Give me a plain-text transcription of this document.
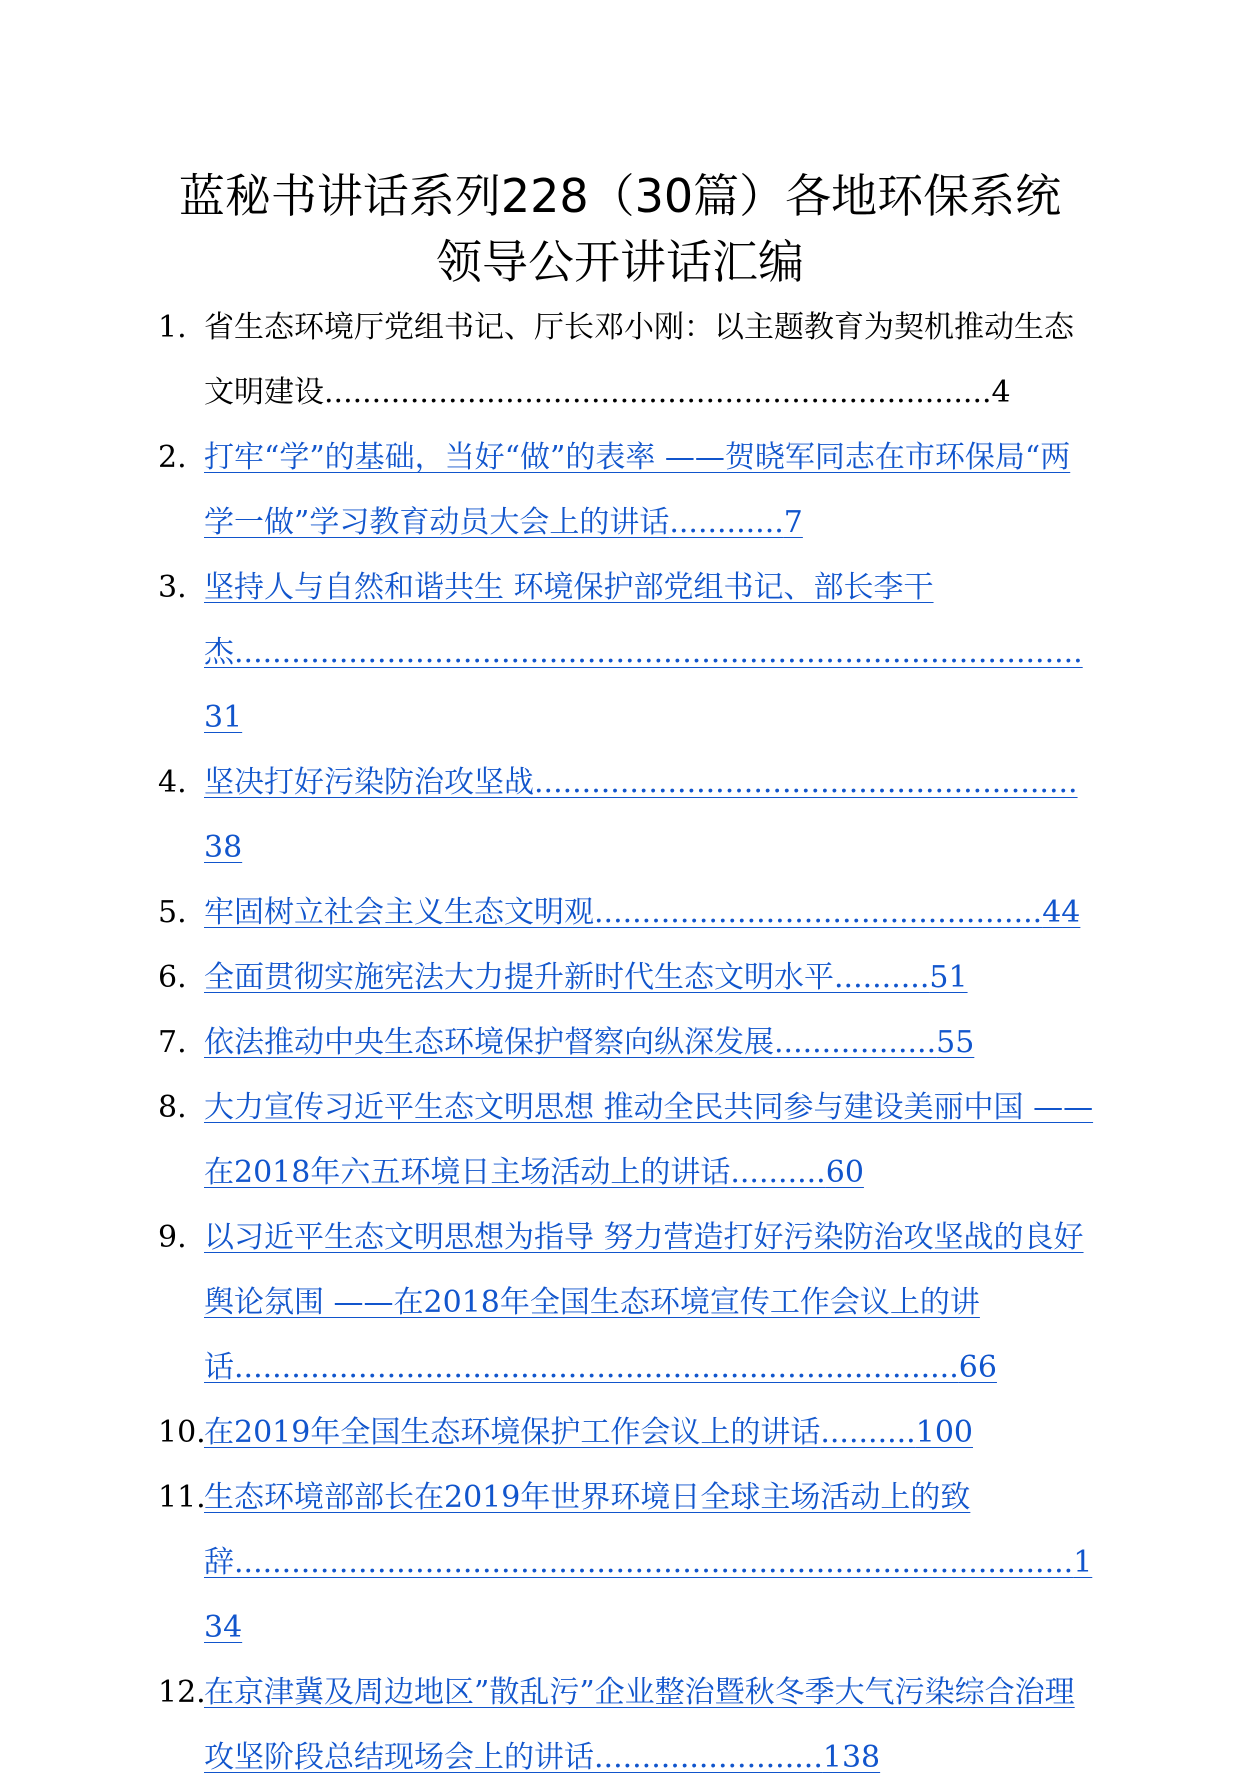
蓝秘书讲话系列228（30篇）各地环保系统
领导公开讲话汇编

1. 省生态环境厅党组书记、厅长邓小刚：以主题教育为契机推动生态文明建设......................................................................4

2. 打牢“学”的基础，当好“做”的表率 ——贺晓军同志在市环保局“两学一做”学习教育动员大会上的讲话............7

3. 坚持人与自然和谐共生 环境保护部党组书记、部长李干杰.........................................................................................31

4. 坚决打好污染防治攻坚战.........................................................38

5. 牢固树立社会主义生态文明观...............................................44

6. 全面贯彻实施宪法大力提升新时代生态文明水平..........51

7. 依法推动中央生态环境保护督察向纵深发展.................55

8. 大力宣传习近平生态文明思想 推动全民共同参与建设美丽中国 ——在2018年六五环境日主场活动上的讲话..........60

9. 以习近平生态文明思想为指导 努力营造打好污染防治攻坚战的良好舆论氛围 ——在2018年全国生态环境宣传工作会议上的讲话............................................................................66

10.
在2019年全国生态环境保护工作会议上的讲话..........100

11.
生态环境部部长在2019年世界环境日全球主场活动上的致辞........................................................................................134

12.
在京津冀及周边地区”散乱污”企业整治暨秋冬季大气污染综合治理攻坚阶段总结现场会上的讲话........................138
